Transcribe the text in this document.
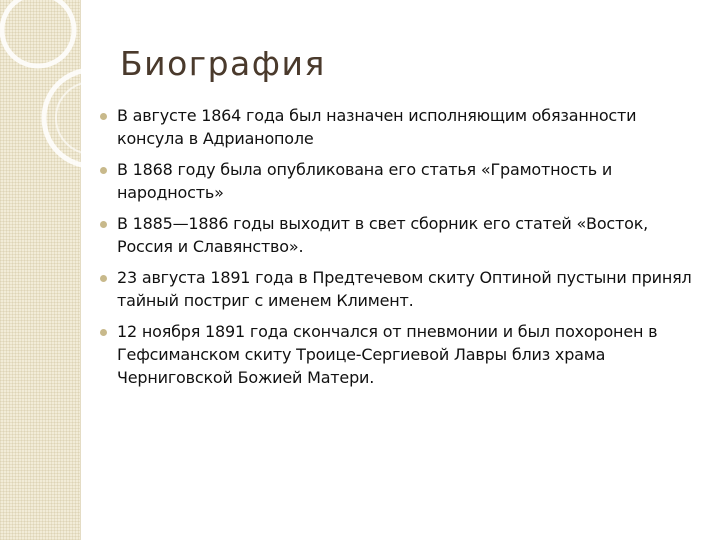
Биография
В августе 1864 года был назначен исполняющим обязанности консула в Адрианополе
В 1868 году была опубликована его статья «Грамотность и народность»
В 1885—1886 годы выходит в свет сборник его статей «Восток, Россия и Славянство».
23 августа 1891 года в Предтечевом скиту Оптиной пустыни принял тайный постриг с именем Климент.
12 ноября 1891 года скончался от пневмонии и был похоронен в Гефсиманском скиту Троице-Сергиевой Лавры близ храма Черниговской Божией Матери.
